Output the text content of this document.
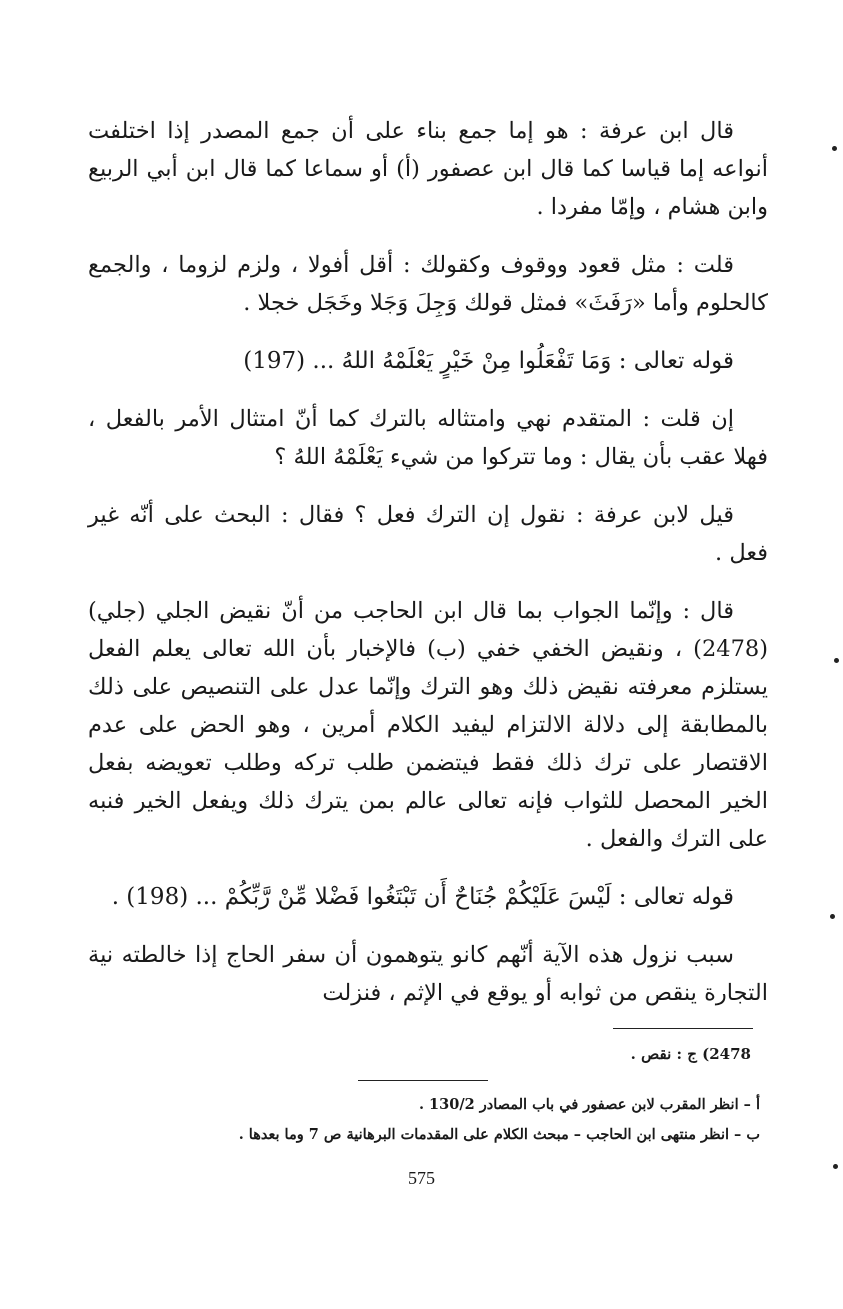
قال ابن عرفة : هو إما جمع بناء على أن جمع المصدر إذا اختلفت أنواعه إما قياسا كما قال ابن عصفور (أ) أو سماعا كما قال ابن أبي الربيع وابن هشام ، وإمّا مفردا .

قلت : مثل قعود ووقوف وكقولك : أقل أفولا ، ولزم لزوما ، والجمع كالحلوم وأما «رَفَثَ» فمثل قولك وَجِلَ وَجَلا وخَجَل خجلا .

قوله تعالى : وَمَا تَفْعَلُوا مِنْ خَيْرٍ يَعْلَمْهُ اللهُ ... (197)

إن قلت : المتقدم نهي وامتثاله بالترك كما أنّ امتثال الأمر بالفعل ، فهلا عقب بأن يقال : وما تتركوا من شيء يَعْلَمْهُ اللهُ ؟

قيل لابن عرفة : نقول إن الترك فعل ؟ فقال : البحث على أنّه غير فعل .

قال : وإنّما الجواب بما قال ابن الحاجب من أنّ نقيض الجلي (جلي) (2478) ، ونقيض الخفي خفي (ب) فالإخبار بأن الله تعالى يعلم الفعل يستلزم معرفته نقيض ذلك وهو الترك وإنّما عدل على التنصيص على ذلك بالمطابقة إلى دلالة الالتزام ليفيد الكلام أمرين ، وهو الحض على عدم الاقتصار على ترك ذلك فقط فيتضمن طلب تركه وطلب تعويضه بفعل الخير المحصل للثواب فإنه تعالى عالم بمن يترك ذلك ويفعل الخير فنبه على الترك والفعل .

قوله تعالى : لَيْسَ عَلَيْكُمْ جُنَاحٌ أَن تَبْتَغُوا فَضْلا مِّنْ رَّبِّكُمْ ... (198) .

سبب نزول هذه الآية أنّهم كانو يتوهمون أن سفر الحاج إذا خالطته نية التجارة ينقص من ثوابه أو يوقع في الإثم ، فنزلت

2478) ج : نقص .
أ – انظر المقرب لابن عصفور في باب المصادر 130/2 .
ب – انظر منتهى ابن الحاجب – مبحث الكلام على المقدمات البرهانية ص 7 وما بعدها .
575
